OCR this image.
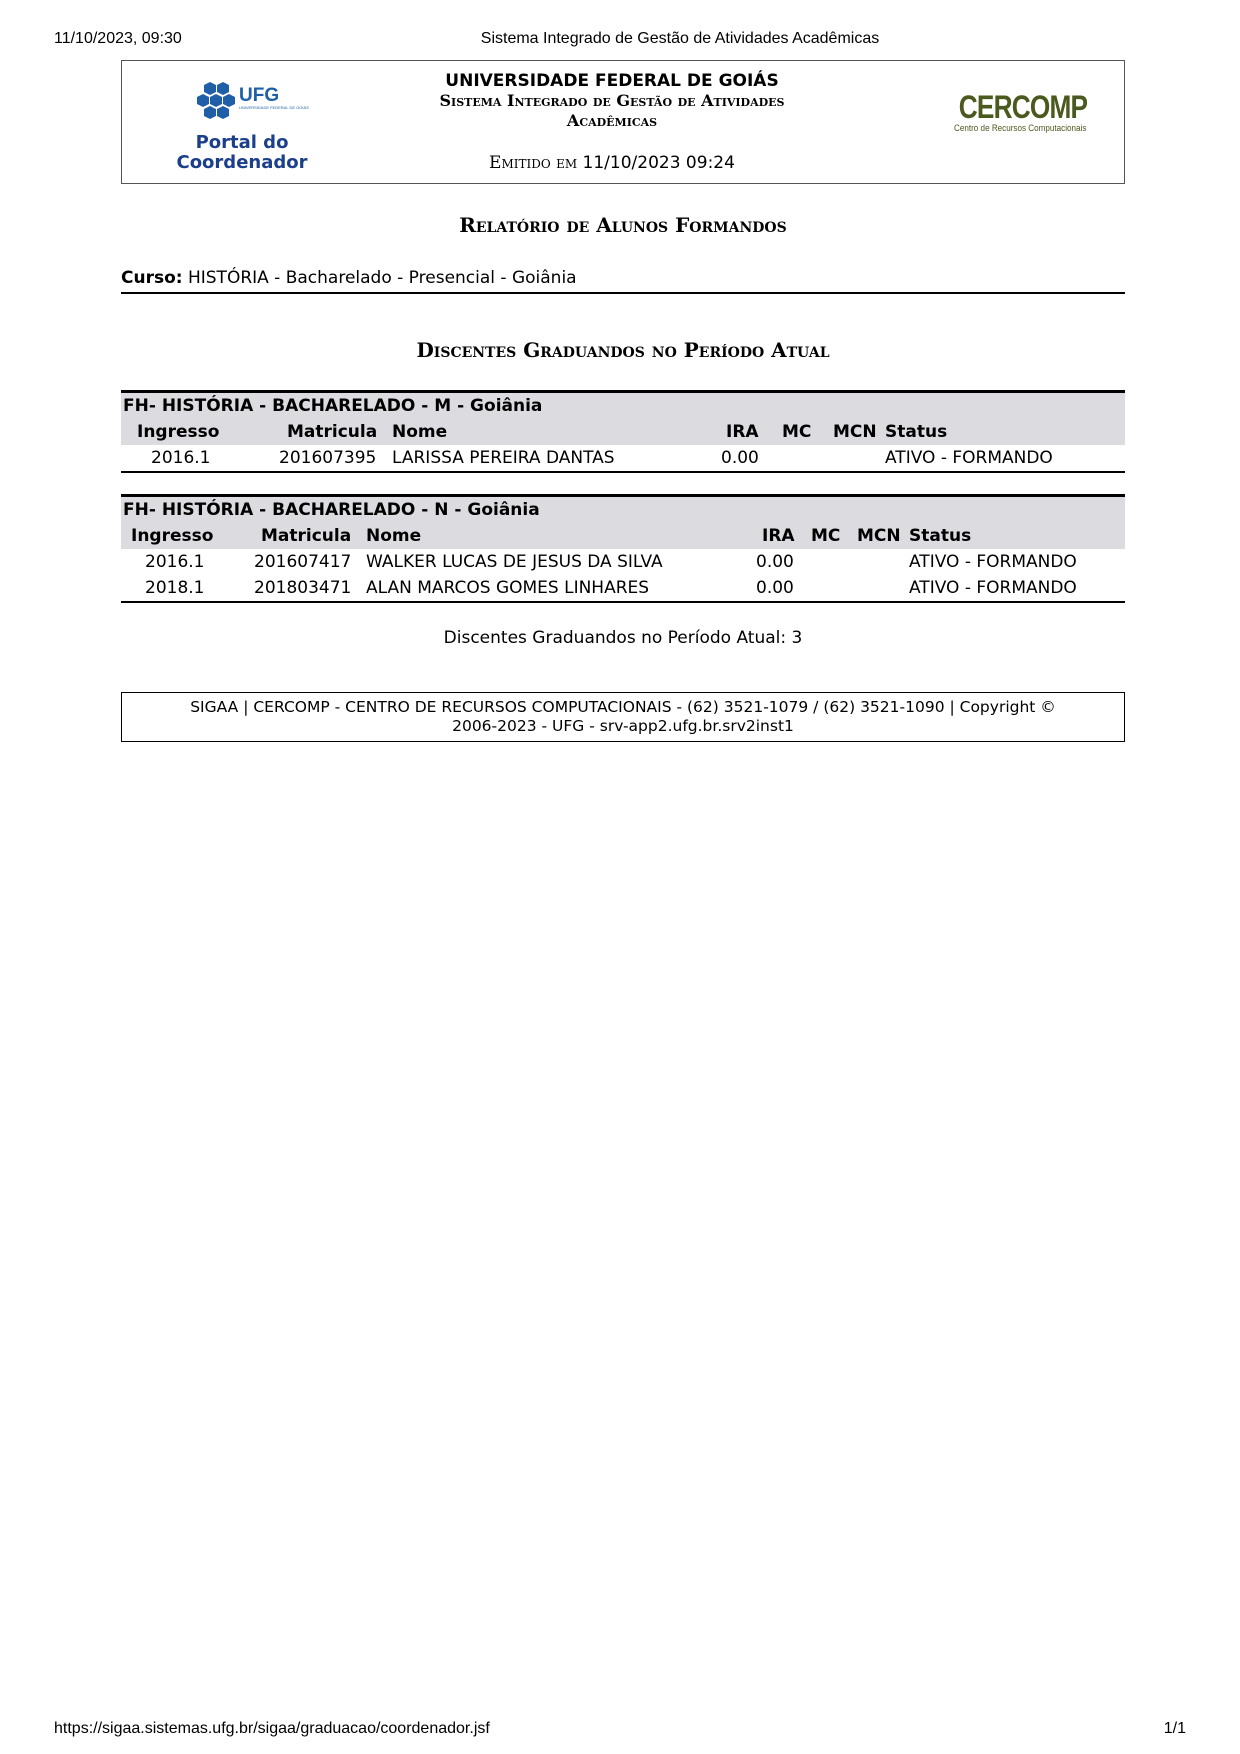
11/10/2023, 09:30	Sistema Integrado de Gestão de Atividades Acadêmicas
UFG
UNIVERSIDADE FEDERAL DE GOIÁS
Portal do
Coordenador
UNIVERSIDADE FEDERAL DE GOIÁS
Sistema Integrado de Gestão de Atividades
Acadêmicas
Emitido em 11/10/2023 09:24
CERCOMP
Centro de Recursos Computacionais
Relatório de Alunos Formandos
Curso: HISTÓRIA - Bacharelado - Presencial - Goiânia
Discentes Graduandos no Período Atual
FH- HISTÓRIA - BACHARELADO - M - Goiânia
Ingresso	Matricula Nome	IRA MC MCN Status
2016.1	201607395 LARISSA PEREIRA DANTAS	0.00	ATIVO - FORMANDO
FH- HISTÓRIA - BACHARELADO - N - Goiânia
Ingresso	Matricula Nome	IRA MC MCN Status
2016.1	201607417 WALKER LUCAS DE JESUS DA SILVA	0.00	ATIVO - FORMANDO
2018.1	201803471 ALAN MARCOS GOMES LINHARES	0.00	ATIVO - FORMANDO
Discentes Graduandos no Período Atual: 3
SIGAA | CERCOMP - CENTRO DE RECURSOS COMPUTACIONAIS - (62) 3521-1079 / (62) 3521-1090 | Copyright ©
2006-2023 - UFG - srv-app2.ufg.br.srv2inst1
https://sigaa.sistemas.ufg.br/sigaa/graduacao/coordenador.jsf	1/1
